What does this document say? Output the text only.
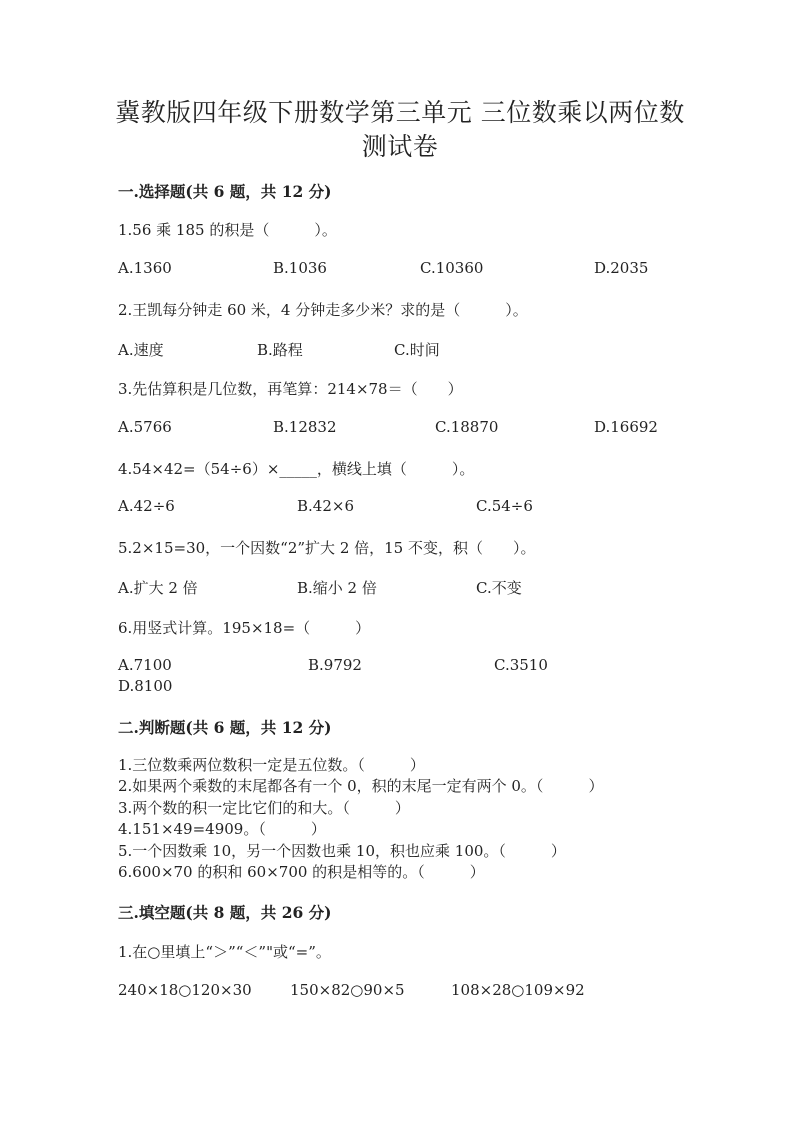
冀教版四年级下册数学第三单元 三位数乘以两位数
测试卷
一.选择题(共 6 题，共 12 分)
1.56 乘 185 的积是（　　　）。
A.1360	B.1036	C.10360	D.2035
2.王凯每分钟走 60 米，4 分钟走多少米？求的是（　　　）。
A.速度	B.路程	C.时间
3.先估算积是几位数，再笔算：214×78＝（　　）
A.5766	B.12832	C.18870	D.16692
4.54×42=（54÷6）×_____，横线上填（　　　）。
A.42÷6	B.42×6	C.54÷6
5.2×15=30，一个因数“2”扩大 2 倍，15 不变，积（　　）。
A.扩大 2 倍	B.缩小 2 倍	C.不变
6.用竖式计算。195×18=（　　　）
A.7100	B.9792	C.3510
D.8100
二.判断题(共 6 题，共 12 分)
1.三位数乘两位数积一定是五位数。（　　　）
2.如果两个乘数的末尾都各有一个 0，积的末尾一定有两个 0。（　　　）
3.两个数的积一定比它们的和大。（　　　）
4.151×49=4909。（　　　）
5.一个因数乘 10，另一个因数也乘 10，积也应乘 100。（　　　）
6.600×70 的积和 60×700 的积是相等的。（　　　）
三.填空题(共 8 题，共 26 分)
1.在○里填上“＞”“＜”"或“=”。
240×18○120×30	150×82○90×5	108×28○109×92
